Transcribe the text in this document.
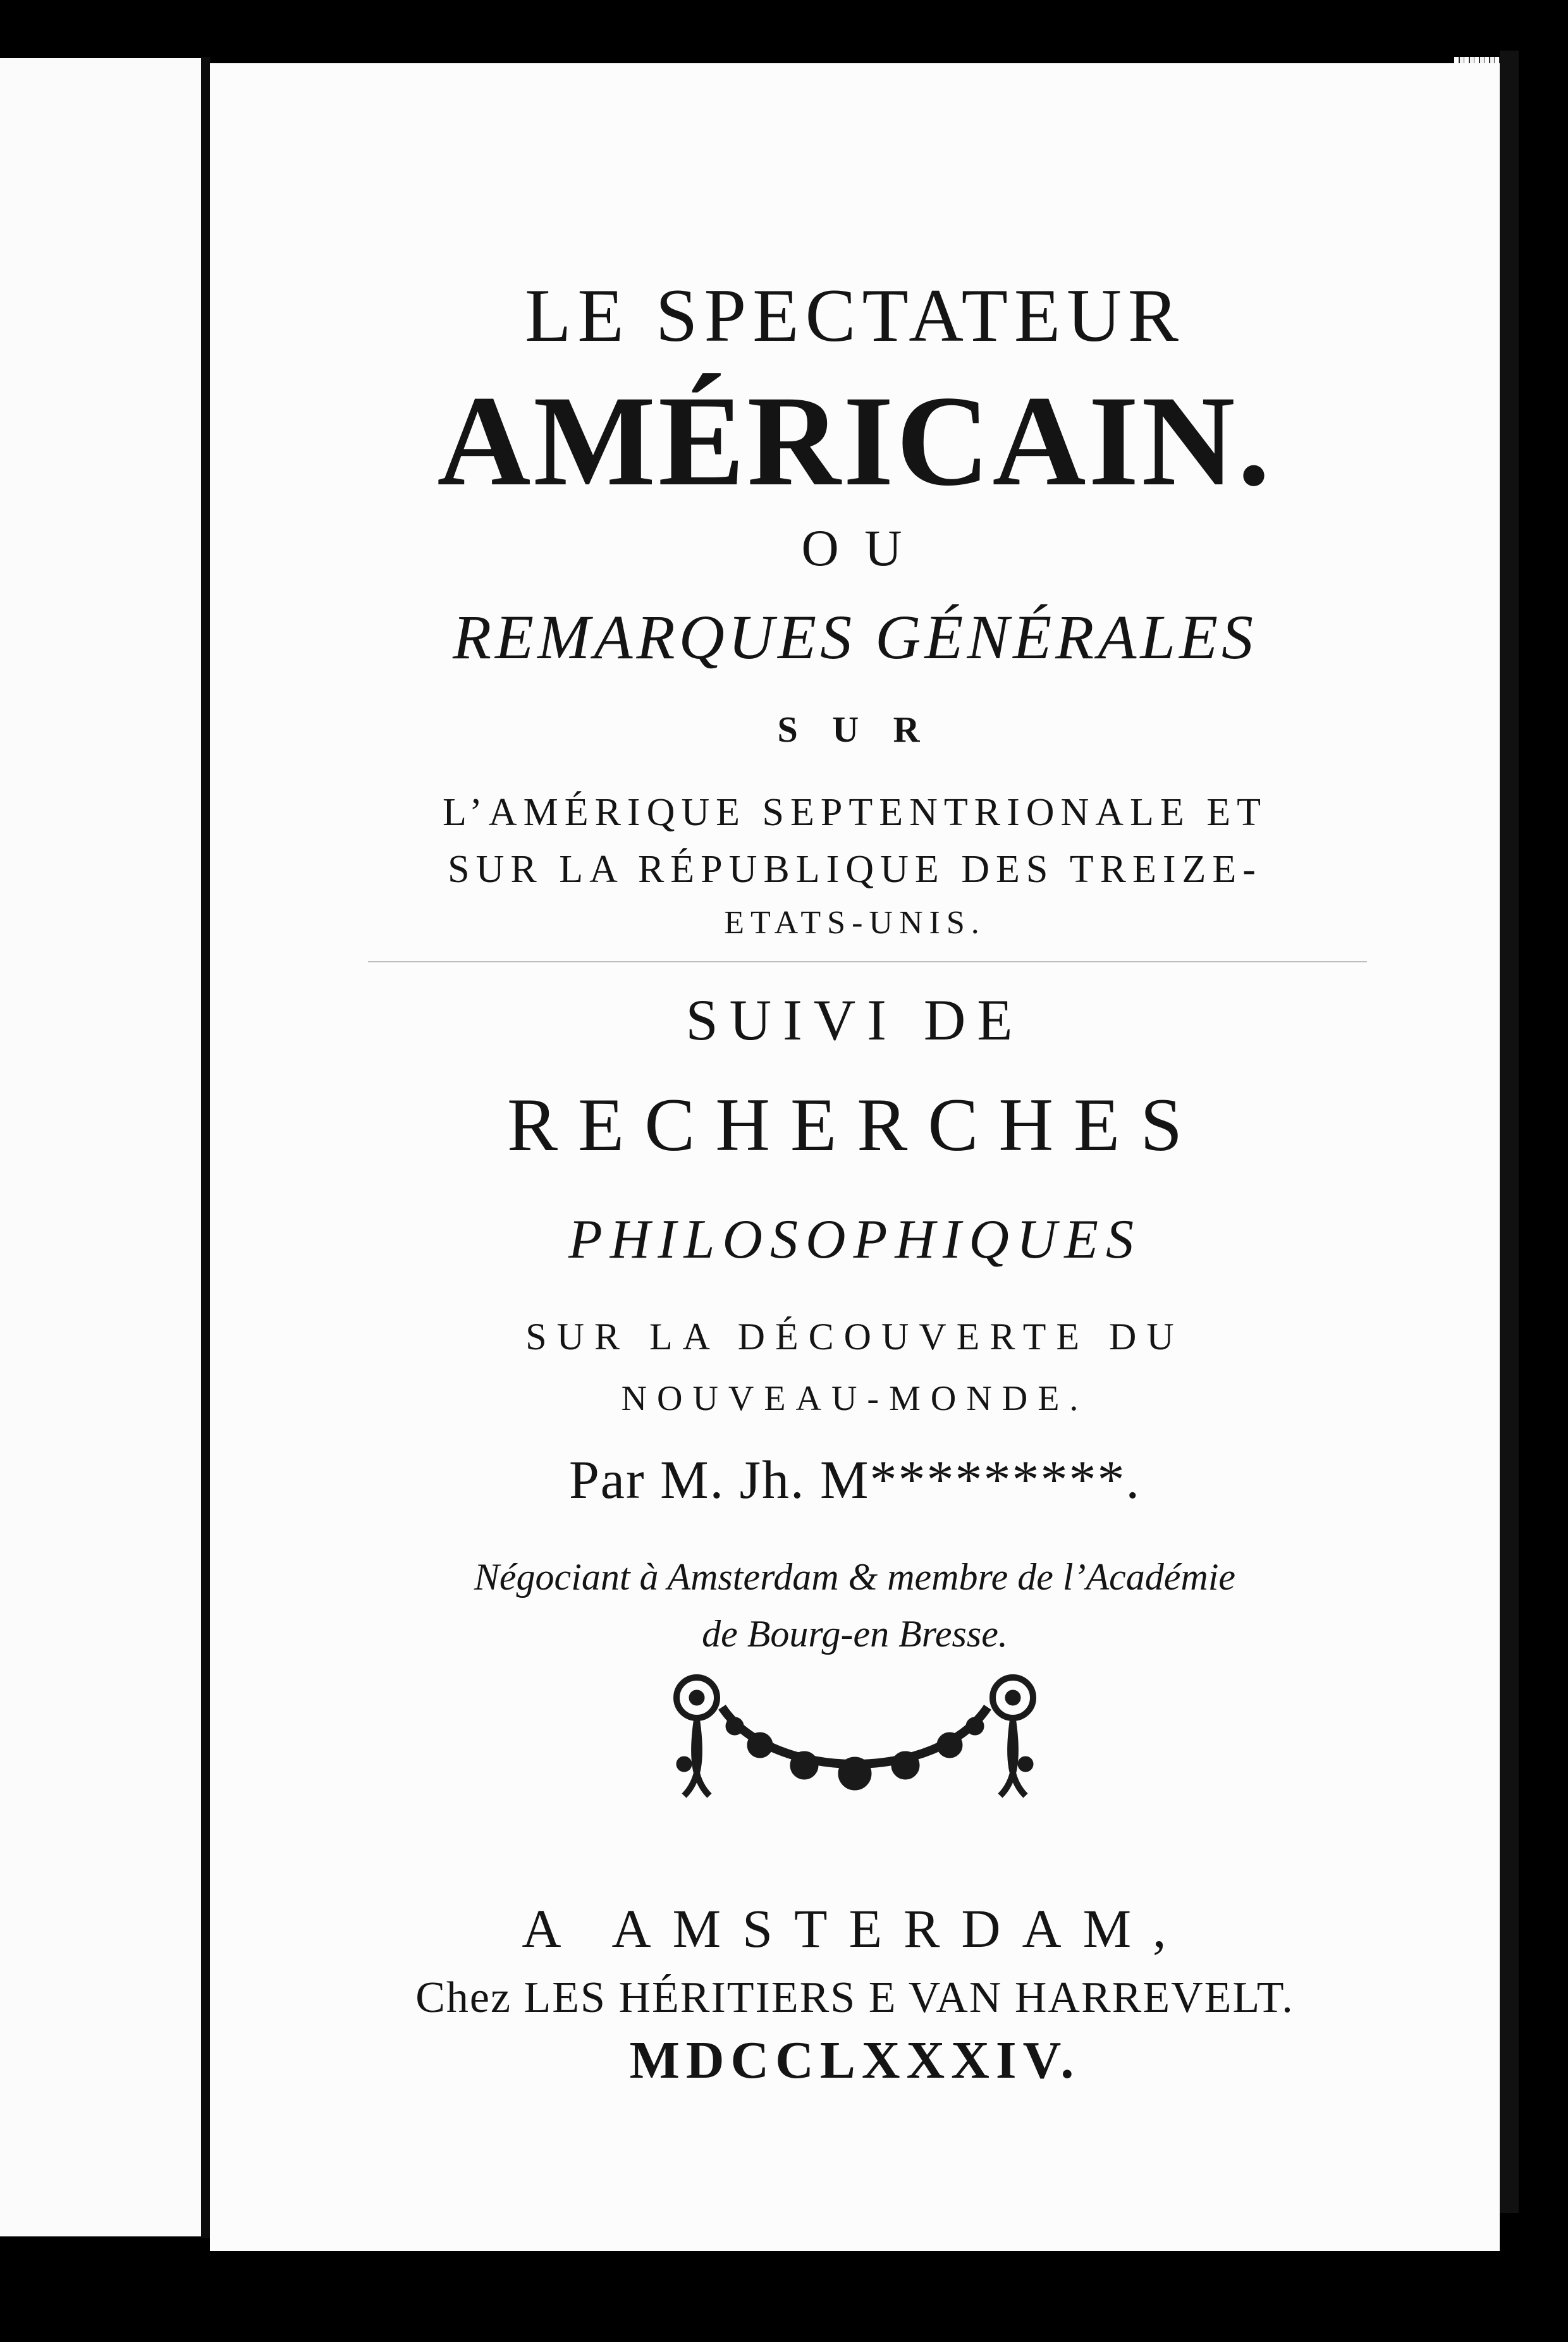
LE SPECTATEUR
AMÉRICAIN.
O U
REMARQUES GÉNÉRALES
S U R
L’AMÉRIQUE SEPTENTRIONALE ET
SUR LA RÉPUBLIQUE DES TREIZE-
ETATS-UNIS.
SUIVI DE
RECHERCHES
PHILOSOPHIQUES
SUR LA DÉCOUVERTE DU
NOUVEAU-MONDE.
Par M. Jh. M*********.
Négociant à Amsterdam & membre de l’Académie
de Bourg-en Bresse.
A AMSTERDAM,
Chez LES HÉRITIERS E VAN HARREVELT.
MDCCLXXXIV.
